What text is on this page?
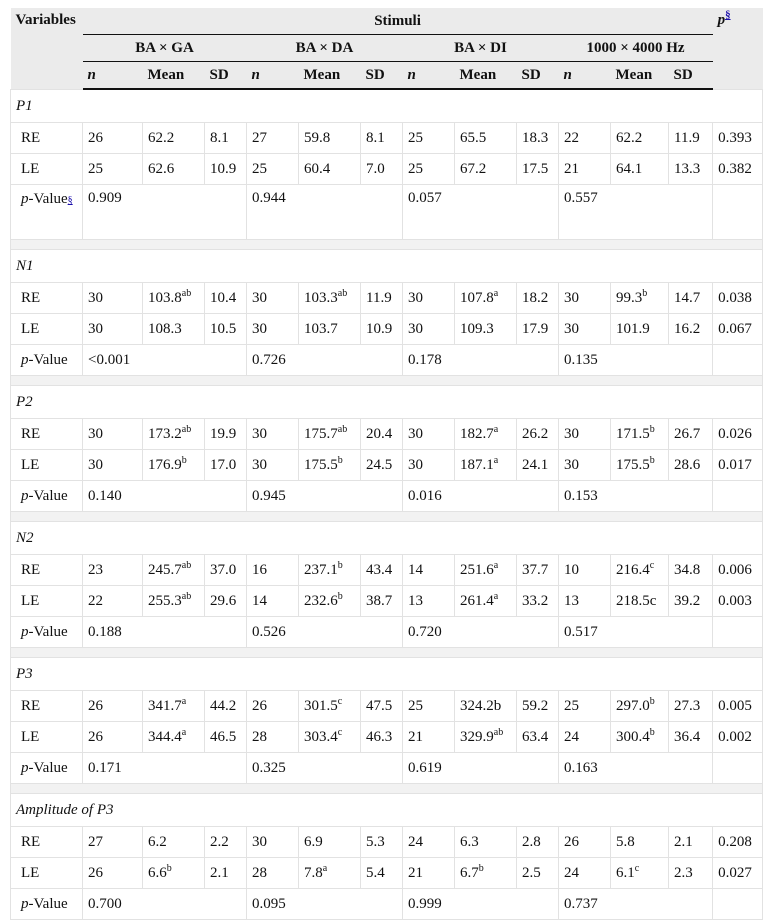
Variables	Stimuli												p§
	BA × GA			BA × DA			BA × DI			1000 × 4000 Hz			
	n	Mean	SD	n	Mean	SD	n	Mean	SD	n	Mean	SD	
P1													
RE	26	62.2	8.1	27	59.8	8.1	25	65.5	18.3	22	62.2	11.9	0.393
LE	25	62.6	10.9	25	60.4	7.0	25	67.2	17.5	21	64.1	13.3	0.382
p-Value§	0.909			0.944			0.057			0.557			

N1													
RE	30	103.8$^{ab}$	10.4	30	103.3$^{ab}$	11.9	30	107.8$^a$	18.2	30	99.3$^b$	14.7	0.038
LE	30	108.3	10.5	30	103.7	10.9	30	109.3	17.9	30	101.9	16.2	0.067
p-Value	<0.001			0.726			0.178			0.135			

P2													
RE	30	173.2$^{ab}$	19.9	30	175.7$^{ab}$	20.4	30	182.7$^a$	26.2	30	171.5$^b$	26.7	0.026
LE	30	176.9$^b$	17.0	30	175.5$^b$	24.5	30	187.1$^a$	24.1	30	175.5$^b$	28.6	0.017
p-Value	0.140			0.945			0.016			0.153			

N2													
RE	23	245.7$^{ab}$	37.0	16	237.1$^b$	43.4	14	251.6$^a$	37.7	10	216.4$^c$	34.8	0.006
LE	22	255.3$^{ab}$	29.6	14	232.6$^b$	38.7	13	261.4$^a$	33.2	13	218.5c	39.2	0.003
p-Value	0.188			0.526			0.720			0.517			

P3													
RE	26	341.7$^a$	44.2	26	301.5$^c$	47.5	25	324.2b	59.2	25	297.0$^b$	27.3	0.005
LE	26	344.4$^a$	46.5	28	303.4$^c$	46.3	21	329.9$^{ab}$	63.4	24	300.4$^b$	36.4	0.002
p-Value	0.171			0.325			0.619			0.163			

Amplitude of P3													
RE	27	6.2	2.2	30	6.9	5.3	24	6.3	2.8	26	5.8	2.1	0.208
LE	26	6.6$^b$	2.1	28	7.8$^a$	5.4	21	6.7$^b$	2.5	24	6.1$^c$	2.3	0.027
p-Value	0.700			0.095			0.999			0.737			
